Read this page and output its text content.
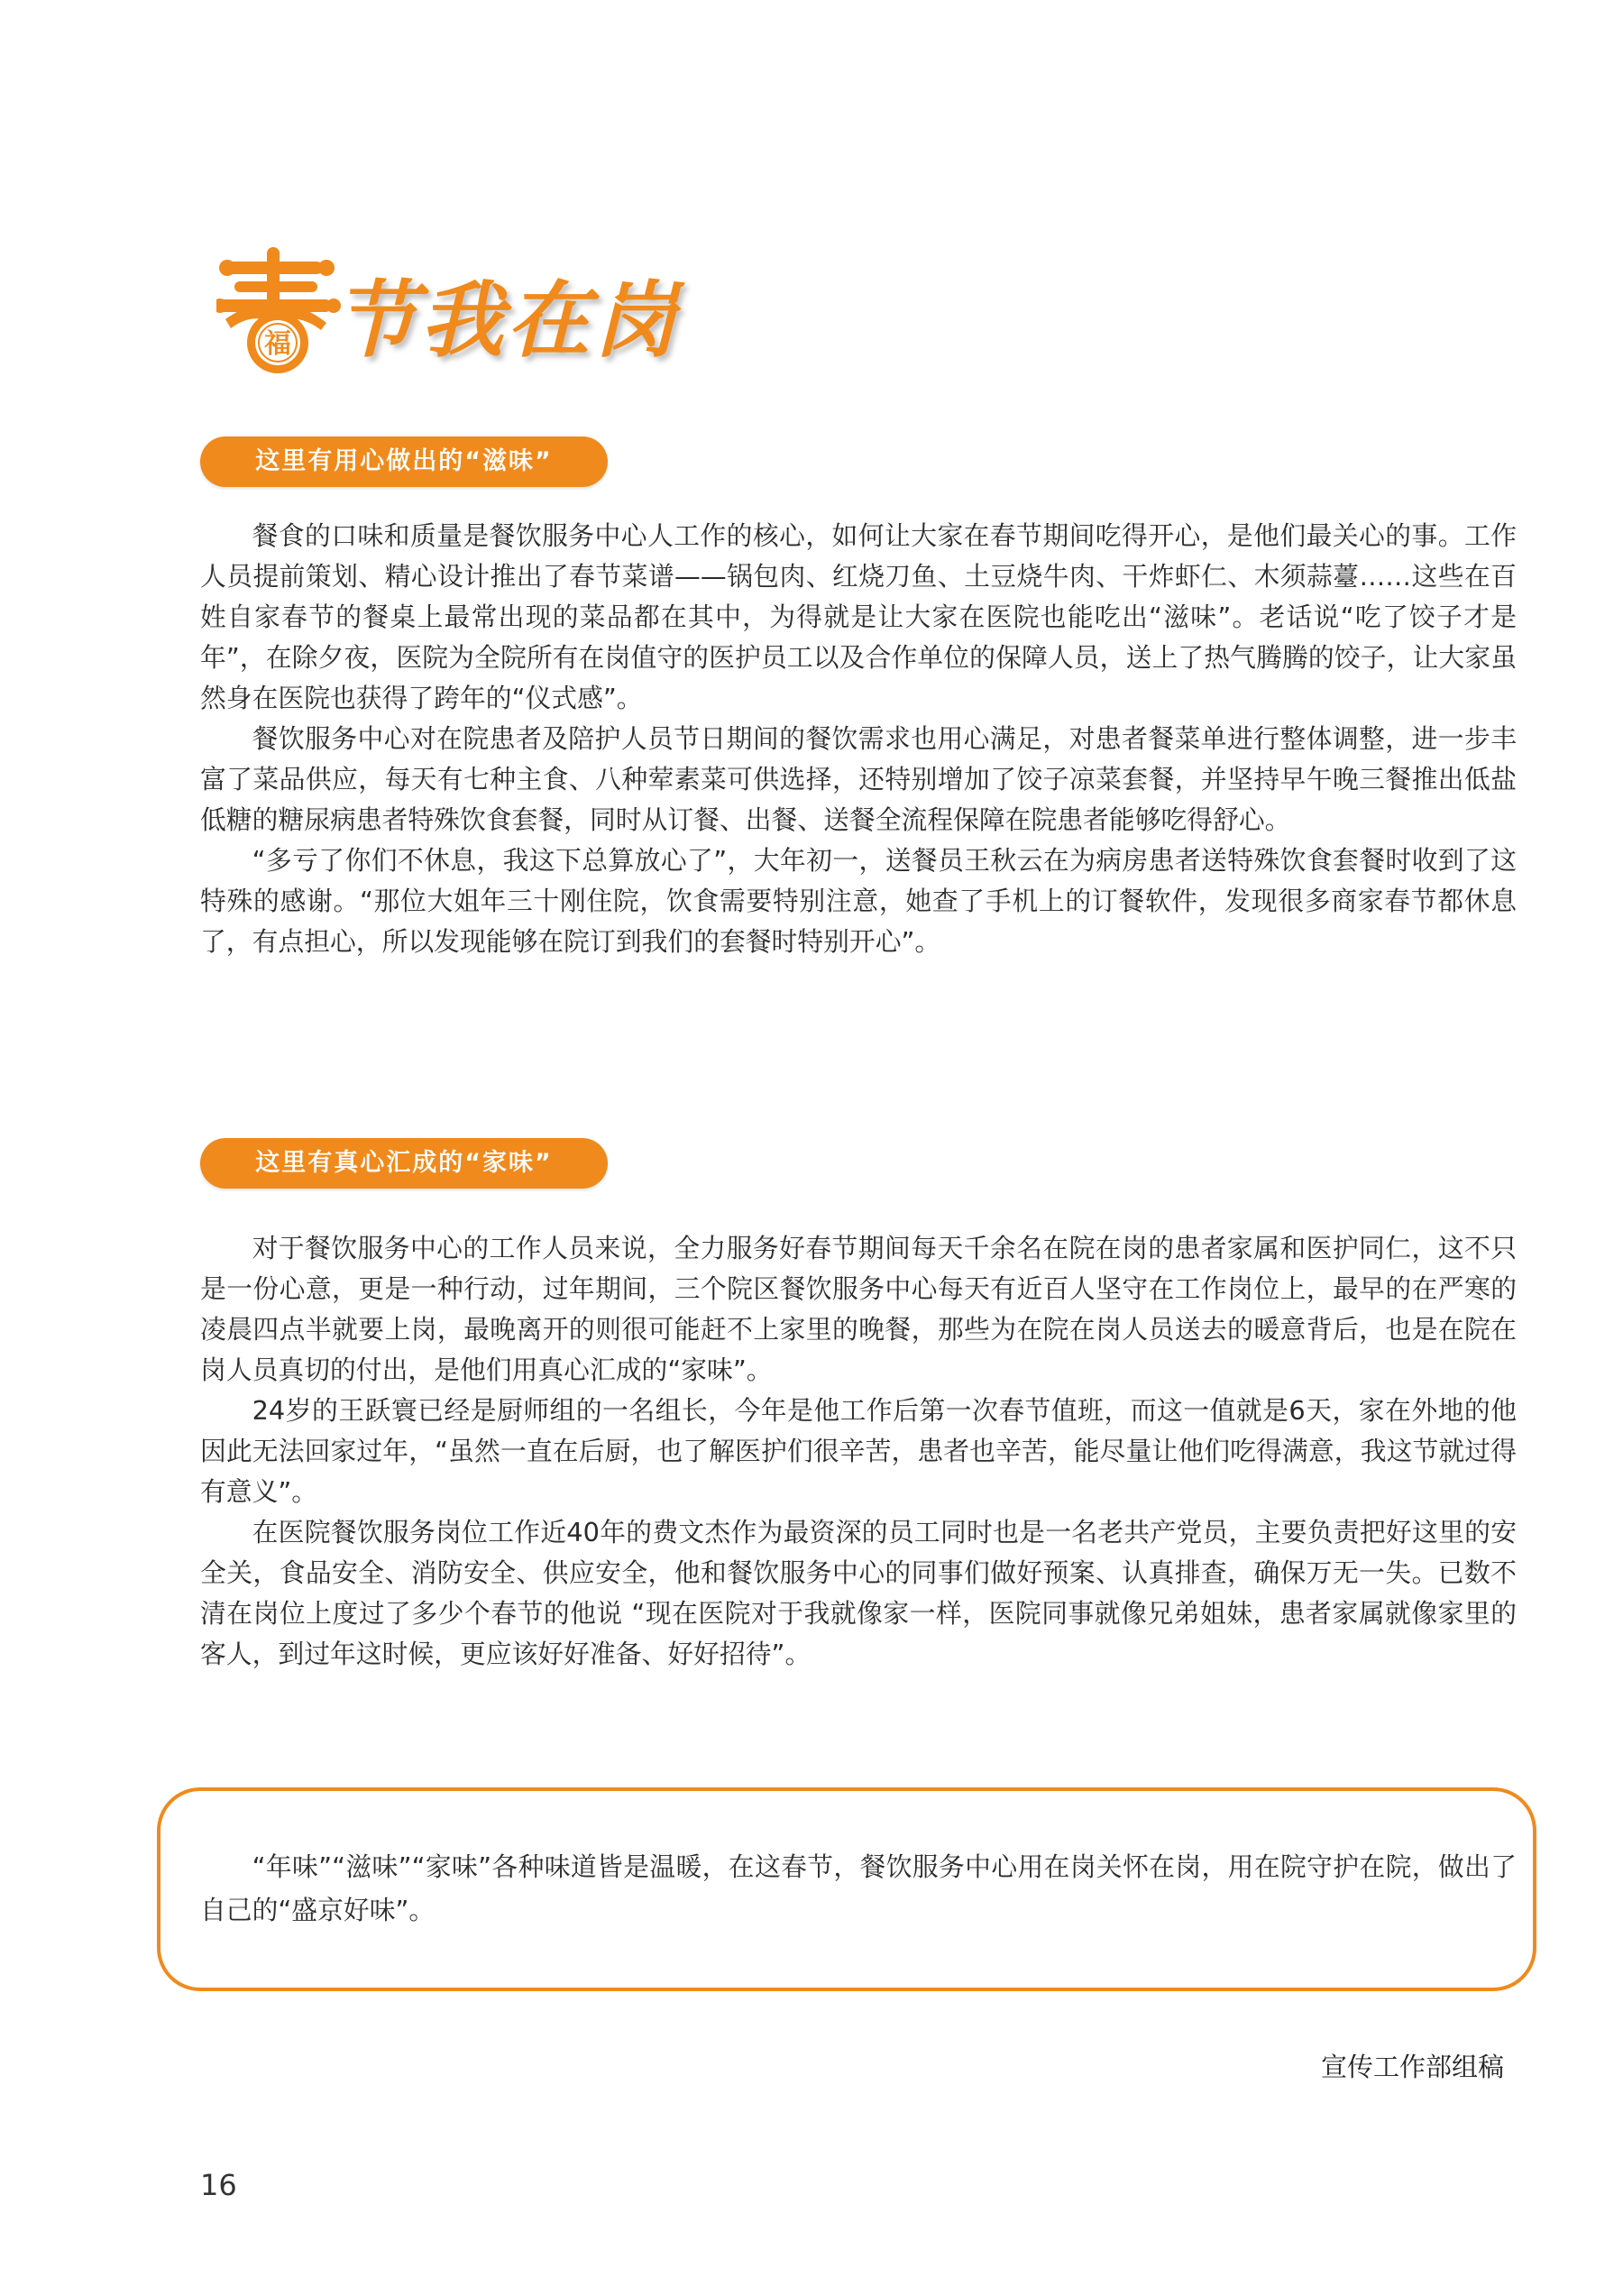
福 节我在岗
这里有用心做出的“滋味”

餐食的口味和质量是餐饮服务中心人工作的核心，如何让大家在春节期间吃得开心，是他们最关心的事。工作人员提前策划、精心设计推出了春节菜谱——锅包肉、红烧刀鱼、土豆烧牛肉、干炸虾仁、木须蒜薹……这些在百姓自家春节的餐桌上最常出现的菜品都在其中，为得就是让大家在医院也能吃出“滋味”。老话说“吃了饺子才是年”，在除夕夜，医院为全院所有在岗值守的医护员工以及合作单位的保障人员，送上了热气腾腾的饺子，让大家虽然身在医院也获得了跨年的“仪式感”。

餐饮服务中心对在院患者及陪护人员节日期间的餐饮需求也用心满足，对患者餐菜单进行整体调整，进一步丰富了菜品供应，每天有七种主食、八种荤素菜可供选择，还特别增加了饺子凉菜套餐，并坚持早午晚三餐推出低盐低糖的糖尿病患者特殊饮食套餐，同时从订餐、出餐、送餐全流程保障在院患者能够吃得舒心。

“多亏了你们不休息，我这下总算放心了”，大年初一，送餐员王秋云在为病房患者送特殊饮食套餐时收到了这特殊的感谢。“那位大姐年三十刚住院，饮食需要特别注意，她查了手机上的订餐软件，发现很多商家春节都休息了，有点担心，所以发现能够在院订到我们的套餐时特别开心”。

这里有真心汇成的“家味”

对于餐饮服务中心的工作人员来说，全力服务好春节期间每天千余名在院在岗的患者家属和医护同仁，这不只是一份心意，更是一种行动，过年期间，三个院区餐饮服务中心每天有近百人坚守在工作岗位上，最早的在严寒的凌晨四点半就要上岗，最晚离开的则很可能赶不上家里的晚餐，那些为在院在岗人员送去的暖意背后，也是在院在岗人员真切的付出，是他们用真心汇成的“家味”。

24岁的王跃寰已经是厨师组的一名组长，今年是他工作后第一次春节值班，而这一值就是6天，家在外地的他因此无法回家过年，“虽然一直在后厨，也了解医护们很辛苦，患者也辛苦，能尽量让他们吃得满意，我这节就过得有意义”。

在医院餐饮服务岗位工作近40年的费文杰作为最资深的员工同时也是一名老共产党员，主要负责把好这里的安全关，食品安全、消防安全、供应安全，他和餐饮服务中心的同事们做好预案、认真排查，确保万无一失。已数不清在岗位上度过了多少个春节的他说 “现在医院对于我就像家一样，医院同事就像兄弟姐妹，患者家属就像家里的客人，到过年这时候，更应该好好准备、好好招待”。

“年味”“滋味”“家味”各种味道皆是温暖，在这春节，餐饮服务中心用在岗关怀在岗，用在院守护在院，做出了自己的“盛京好味”。

宣传工作部组稿
16
